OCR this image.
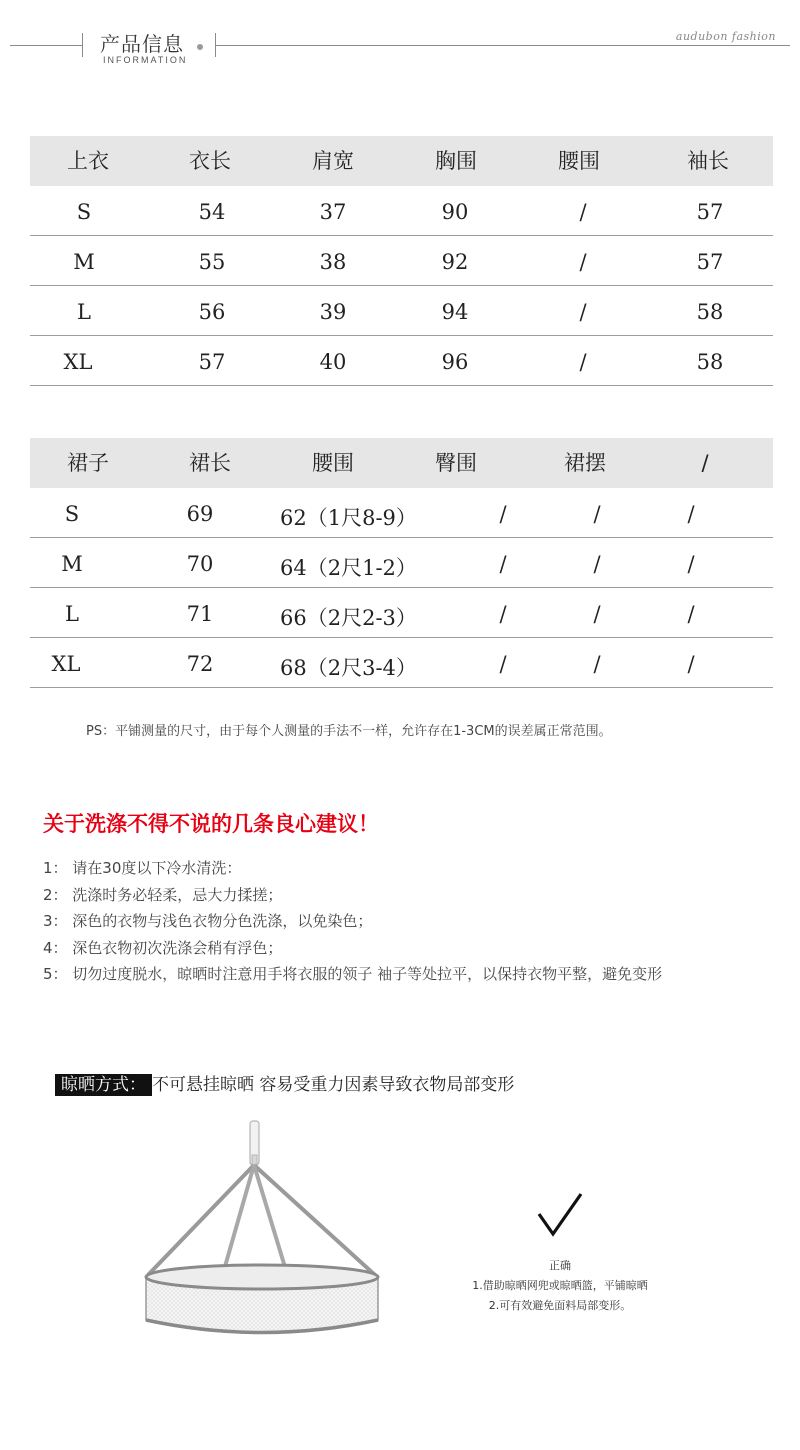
产品信息
INFORMATION
audubon fashion
上衣	衣长	肩宽	胸围	腰围	袖长
S	54	37	90	/	57
M	55	38	92	/	57
L	56	39	94	/	58
XL	57	40	96	/	58
裙子	裙长	腰围	臀围	裙摆	/
S	69	62（1尺8-9）	/	/	/
M	70	64（2尺1-2）	/	/	/
L	71	66（2尺2-3）	/	/	/
XL	72	68（2尺3-4）	/	/	/
PS：平铺测量的尺寸，由于每个人测量的手法不一样，允许存在1-3CM的误差属正常范围。
关于洗涤不得不说的几条良心建议！
1： 请在30度以下冷水清洗：
2： 洗涤时务必轻柔，忌大力揉搓；
3： 深色的衣物与浅色衣物分色洗涤，以免染色；
4： 深色衣物初次洗涤会稍有浮色；
5： 切勿过度脱水，晾晒时注意用手将衣服的领子 袖子等处拉平，以保持衣物平整，避免变形
晾晒方式： 不可悬挂晾晒 容易受重力因素导致衣物局部变形
正确
1.借助晾晒网兜或晾晒篮，平铺晾晒
2.可有效避免面料局部变形。
